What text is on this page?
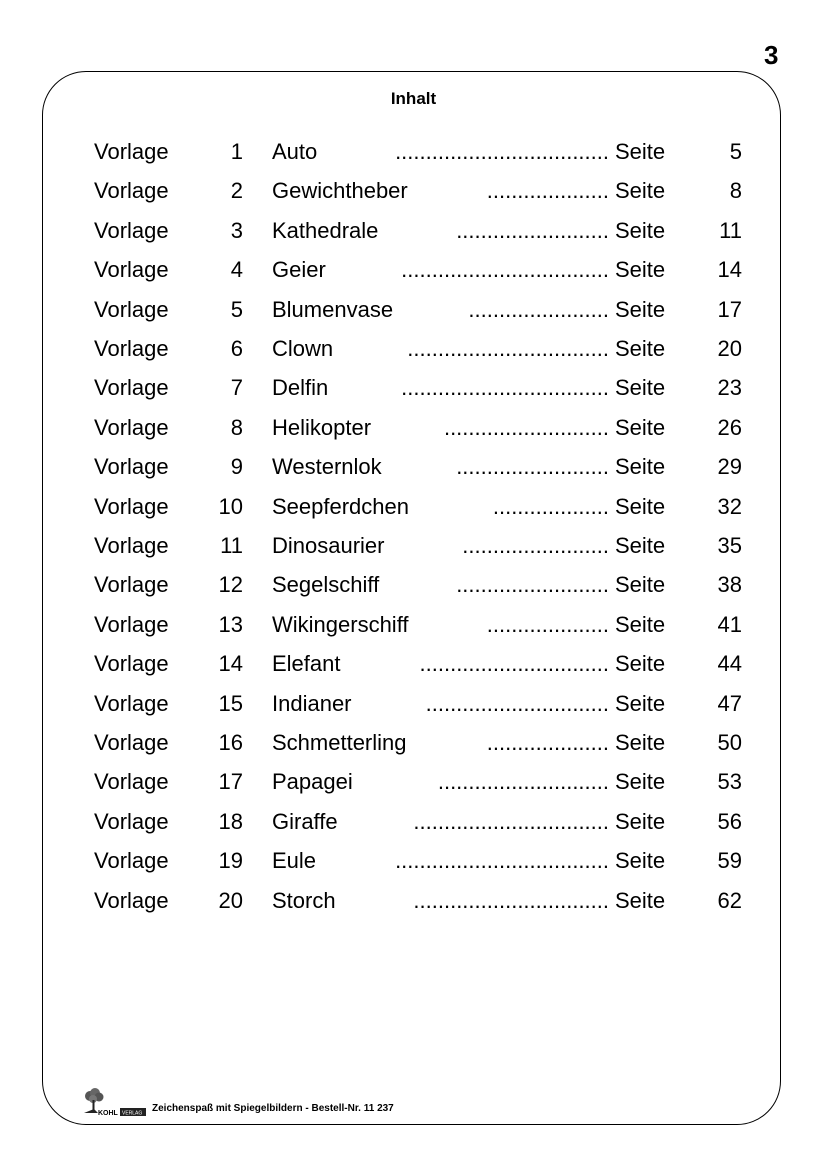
3
Inhalt
Vorlage	1 Auto	................................... Seite	5
Vorlage	2 Gewichtheber	.................... Seite	8
Vorlage	3 Kathedrale	......................... Seite	11
Vorlage	4 Geier	.................................. Seite	14
Vorlage	5 Blumenvase	....................... Seite	17
Vorlage	6 Clown	................................. Seite	20
Vorlage	7 Delfin	.................................. Seite	23
Vorlage	8 Helikopter	........................... Seite	26
Vorlage	9 Westernlok	......................... Seite	29
Vorlage	10 Seepferdchen	................... Seite	32
Vorlage	11 Dinosaurier	........................ Seite	35
Vorlage	12 Segelschiff	......................... Seite	38
Vorlage	13 Wikingerschiff	.................... Seite	41
Vorlage	14 Elefant	............................... Seite	44
Vorlage	15 Indianer	.............................. Seite	47
Vorlage	16 Schmetterling	.................... Seite	50
Vorlage	17 Papagei	............................ Seite	53
Vorlage	18 Giraffe	................................ Seite	56
Vorlage	19 Eule	................................... Seite	59
Vorlage	20 Storch	................................ Seite	62
KOHL VERLAG Zeichenspaß mit Spiegelbildern - Bestell-Nr. 11 237
